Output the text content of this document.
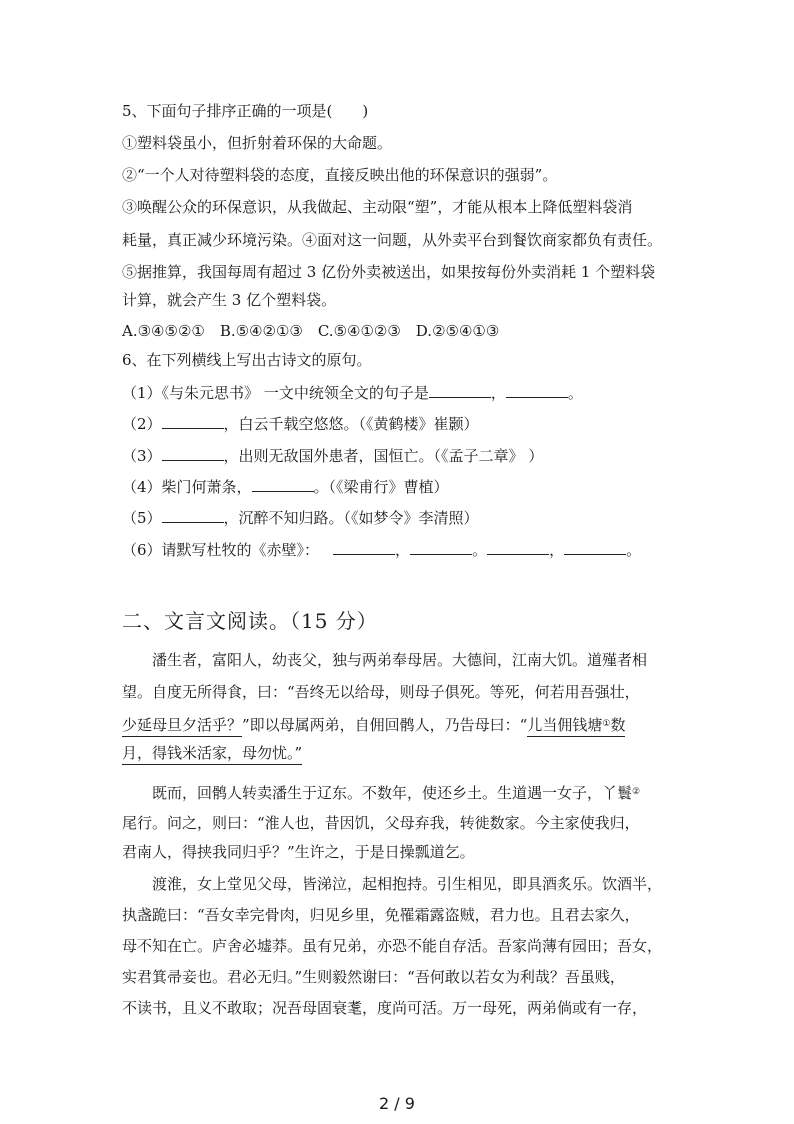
5、下面句子排序正确的一项是(　　)
①塑料袋虽小，但折射着环保的大命题。
②“一个人对待塑料袋的态度，直接反映出他的环保意识的强弱”。
③唤醒公众的环保意识，从我做起、主动限“塑”，才能从根本上降低塑料袋消
耗量，真正减少环境污染。④面对这一问题，从外卖平台到餐饮商家都负有责任。
⑤据推算，我国每周有超过 3 亿份外卖被送出，如果按每份外卖消耗 1 个塑料袋
计算，就会产生 3 亿个塑料袋。
A.③④⑤②①　B.⑤④②①③　C.⑤④①②③　D.②⑤④①③
6、在下列横线上写出古诗文的原句。
（1）《与朱元思书》 一文中统领全文的句子是	，	。
（2）	，白云千载空悠悠。（《黄鹤楼》崔颢）
（3）	，出则无敌国外患者，国恒亡。（《孟子二章》 ）
（4）柴门何萧条，	。（《梁甫行》曹植）
（5）	，沉醉不知归路。（《如梦令》李清照）
（6）请默写杜牧的《赤壁》：	，	。	，	。
二、文言文阅读。（15 分）
潘生者，富阳人，幼丧父，独与两弟奉母居。大德间，江南大饥。道殣者相
望。自度无所得食，曰：“吾终无以给母，则母子俱死。等死，何若用吾强壮，
少延母旦夕活乎？”即以母属两弟，自佣回鹘人，乃告母曰：“儿当佣钱塘①数
月，得钱米活家，母勿忧。”
既而，回鹘人转卖潘生于辽东。不数年，使还乡土。生道遇一女子，丫鬟②
尾行。问之，则曰：“淮人也，昔因饥，父母弃我，转徙数家。今主家使我归，
君南人，得挟我同归乎？”生许之，于是日操瓢道乞。
渡淮，女上堂见父母，皆涕泣，起相抱持。引生相见，即具酒炙乐。饮酒半，
执盏跪曰：“吾女幸完骨肉，归见乡里，免罹霜露盗贼，君力也。且君去家久，
母不知在亡。庐舍必墟莽。虽有兄弟，亦恐不能自存活。吾家尚薄有园田；吾女，
实君箕帚妾也。君必无归。”生则毅然谢曰：“吾何敢以若女为利哉？吾虽贱，
不读书，且义不敢取；况吾母固衰耄，度尚可活。万一母死，两弟倘或有一存，
2 / 9
